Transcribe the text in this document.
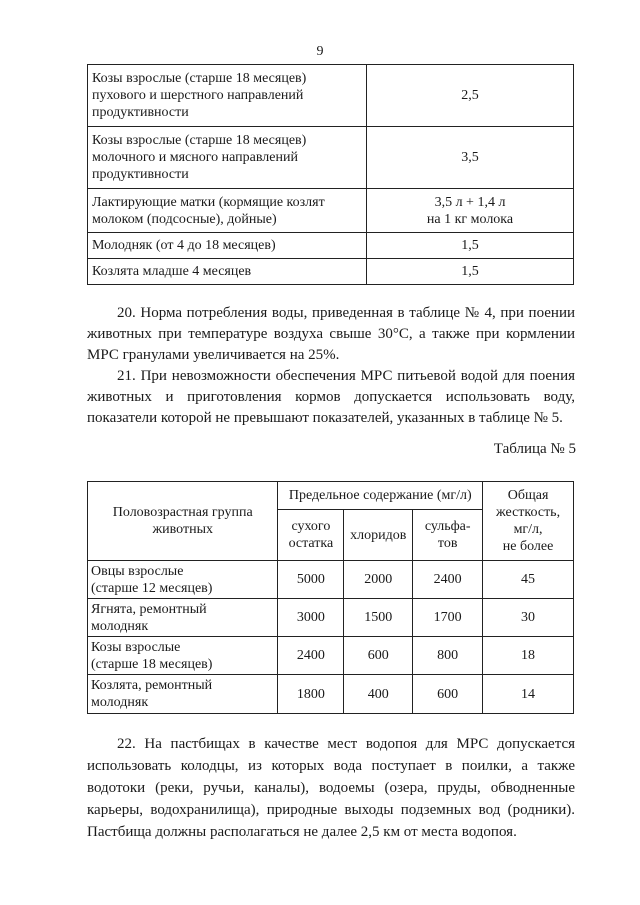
9
Козы взрослые (старше 18 месяцев)
пухового и шерстного направлений
продуктивности	2,5
Козы взрослые (старше 18 месяцев)
молочного и мясного направлений
продуктивности	3,5
Лактирующие матки (кормящие козлят
молоком (подсосные), дойные)	3,5 л + 1,4 л
на 1 кг молока
Молодняк (от 4 до 18 месяцев)	1,5
Козлята младше 4 месяцев	1,5

20. Норма потребления воды, приведенная в таблице № 4, при поении животных при температуре воздуха свыше 30°С, а также при кормлении МРС гранулами увеличивается на 25%.

21. При невозможности обеспечения МРС питьевой водой для поения животных и приготовления кормов допускается использовать воду, показатели которой не превышают показателей, указанных в таблице № 5.

Таблица № 5
Половозрастная группа
животных	Предельное содержание (мг/л)			Общая
жесткость,
мг/л,
не более
	сухого
остатка	хлоридов	сульфа-
тов	
Овцы взрослые
(старше 12 месяцев)	5000	2000	2400	45
Ягнята, ремонтный
молодняк	3000	1500	1700	30
Козы взрослые
(старше 18 месяцев)	2400	600	800	18
Козлята, ремонтный
молодняк	1800	400	600	14

22. На пастбищах в качестве мест водопоя для МРС допускается использовать колодцы, из которых вода поступает в поилки, а также водотоки (реки, ручьи, каналы), водоемы (озера, пруды, обводненные карьеры, водохранилища), природные выходы подземных вод (родники). Пастбища должны располагаться не далее 2,5 км от места водопоя.
